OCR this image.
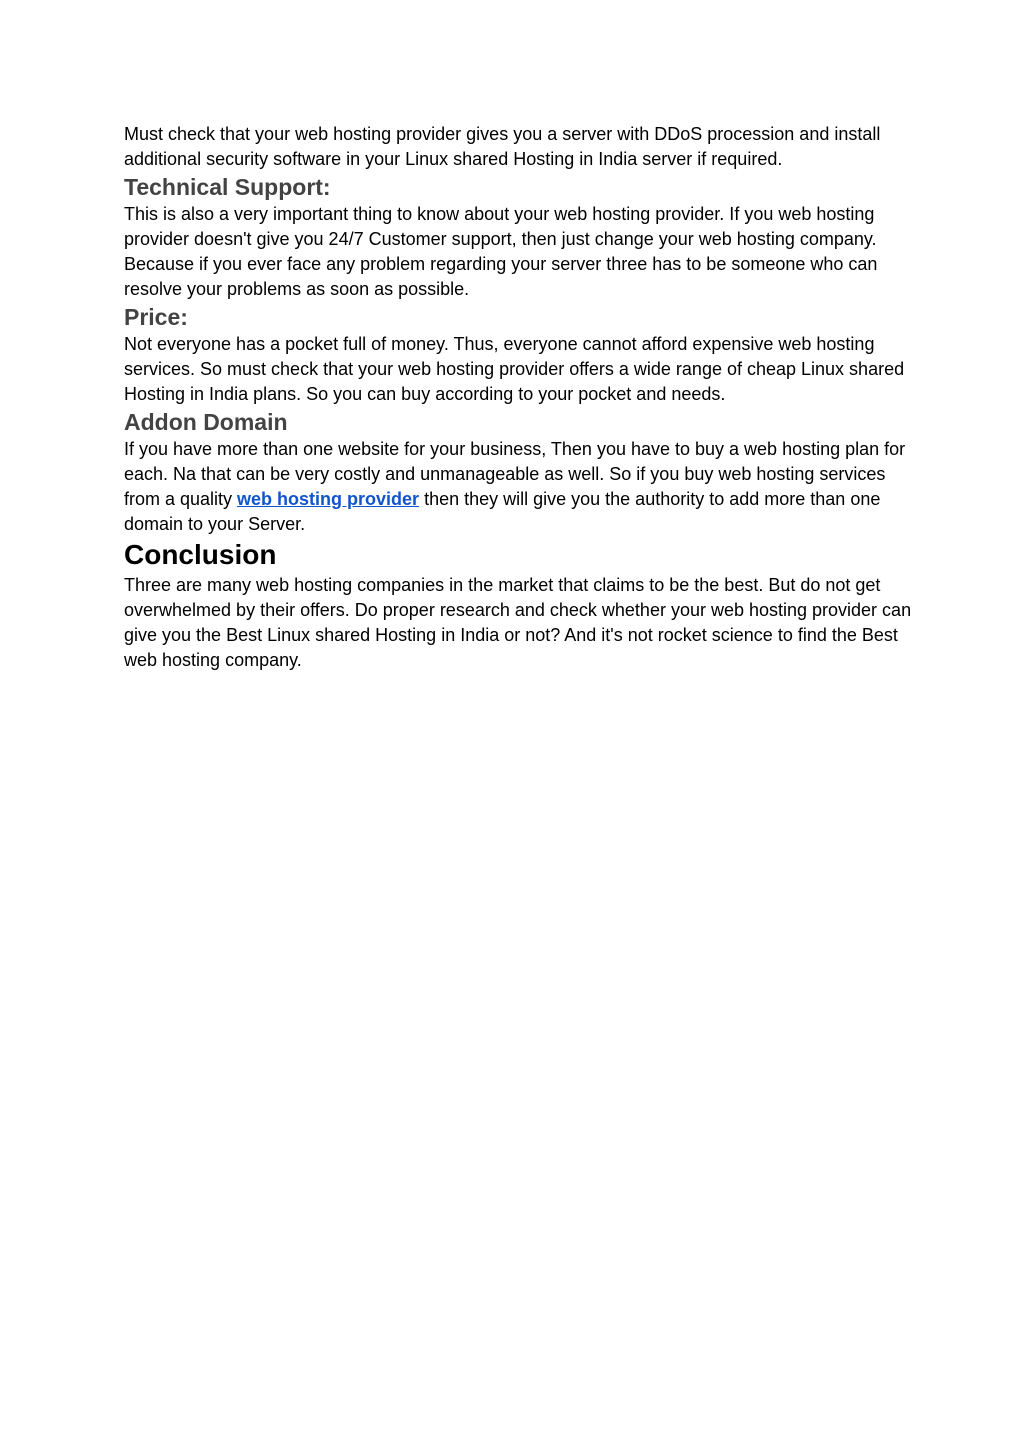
Must check that your web hosting provider gives you a server with DDoS procession and install additional security software in your Linux shared Hosting in India server if required.

Technical Support:

This is also a very important thing to know about your web hosting provider. If you web hosting provider doesn't give you 24/7 Customer support, then just change your web hosting company. Because if you ever face any problem regarding your server three has to be someone who can resolve your problems as soon as possible.

Price:

Not everyone has a pocket full of money. Thus, everyone cannot afford expensive web hosting services. So must check that your web hosting provider offers a wide range of cheap Linux shared Hosting in India plans. So you can buy according to your pocket and needs.

Addon Domain

If you have more than one website for your business, Then you have to buy a web hosting plan for each. Na that can be very costly and unmanageable as well. So if you buy web hosting services from a quality web hosting provider then they will give you the authority to add more than one domain to your Server.

Conclusion

Three are many web hosting companies in the market that claims to be the best. But do not get overwhelmed by their offers. Do proper research and check whether your web hosting provider can give you the Best Linux shared Hosting in India or not? And it's not rocket science to find the Best web hosting company.
